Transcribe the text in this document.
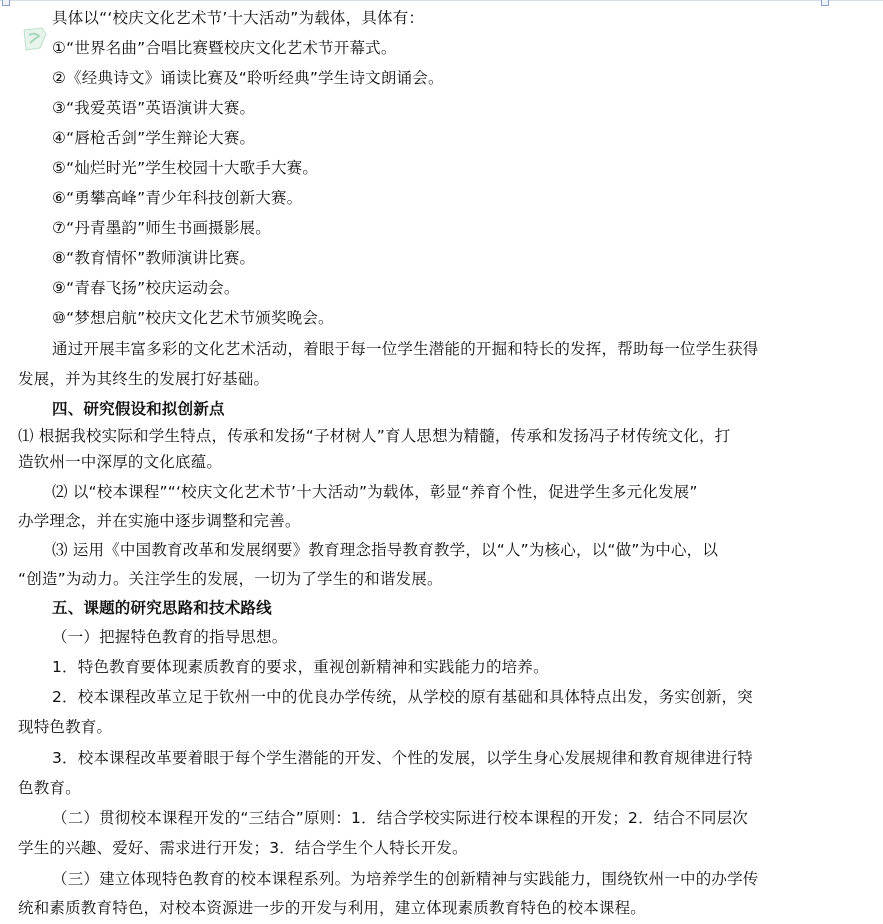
具体以“‘校庆文化艺术节’十大活动”为载体，具体有：
①“世界名曲”合唱比赛暨校庆文化艺术节开幕式。
②《经典诗文》诵读比赛及“聆听经典”学生诗文朗诵会。
③“我爱英语”英语演讲大赛。
④“唇枪舌剑”学生辩论大赛。
⑤“灿烂时光”学生校园十大歌手大赛。
⑥“勇攀高峰”青少年科技创新大赛。
⑦“丹青墨韵”师生书画摄影展。
⑧“教育情怀”教师演讲比赛。
⑨“青春飞扬”校庆运动会。
⑩“梦想启航”校庆文化艺术节颁奖晚会。
通过开展丰富多彩的文化艺术活动，着眼于每一位学生潜能的开掘和特长的发挥，帮助每一位学生获得
发展，并为其终生的发展打好基础。
四、研究假设和拟创新点
⑴ 根据我校实际和学生特点，传承和发扬“子材树人”育人思想为精髓，传承和发扬冯子材传统文化，打
造钦州一中深厚的文化底蕴。
⑵ 以“校本课程”“‘校庆文化艺术节’十大活动”为载体，彰显“养育个性，促进学生多元化发展”
办学理念，并在实施中逐步调整和完善。
⑶ 运用《中国教育改革和发展纲要》教育理念指导教育教学，以“人”为核心，以“做”为中心，以
“创造”为动力。关注学生的发展，一切为了学生的和谐发展。
五、课题的研究思路和技术路线
（一）把握特色教育的指导思想。
1．特色教育要体现素质教育的要求，重视创新精神和实践能力的培养。
2．校本课程改革立足于钦州一中的优良办学传统，从学校的原有基础和具体特点出发，务实创新，突
现特色教育。
3．校本课程改革要着眼于每个学生潜能的开发、个性的发展，以学生身心发展规律和教育规律进行特
色教育。
（二）贯彻校本课程开发的“三结合”原则：1．结合学校实际进行校本课程的开发；2．结合不同层次
学生的兴趣、爱好、需求进行开发；3．结合学生个人特长开发。
（三）建立体现特色教育的校本课程系列。为培养学生的创新精神与实践能力，围绕钦州一中的办学传
统和素质教育特色，对校本资源进一步的开发与利用，建立体现素质教育特色的校本课程。
